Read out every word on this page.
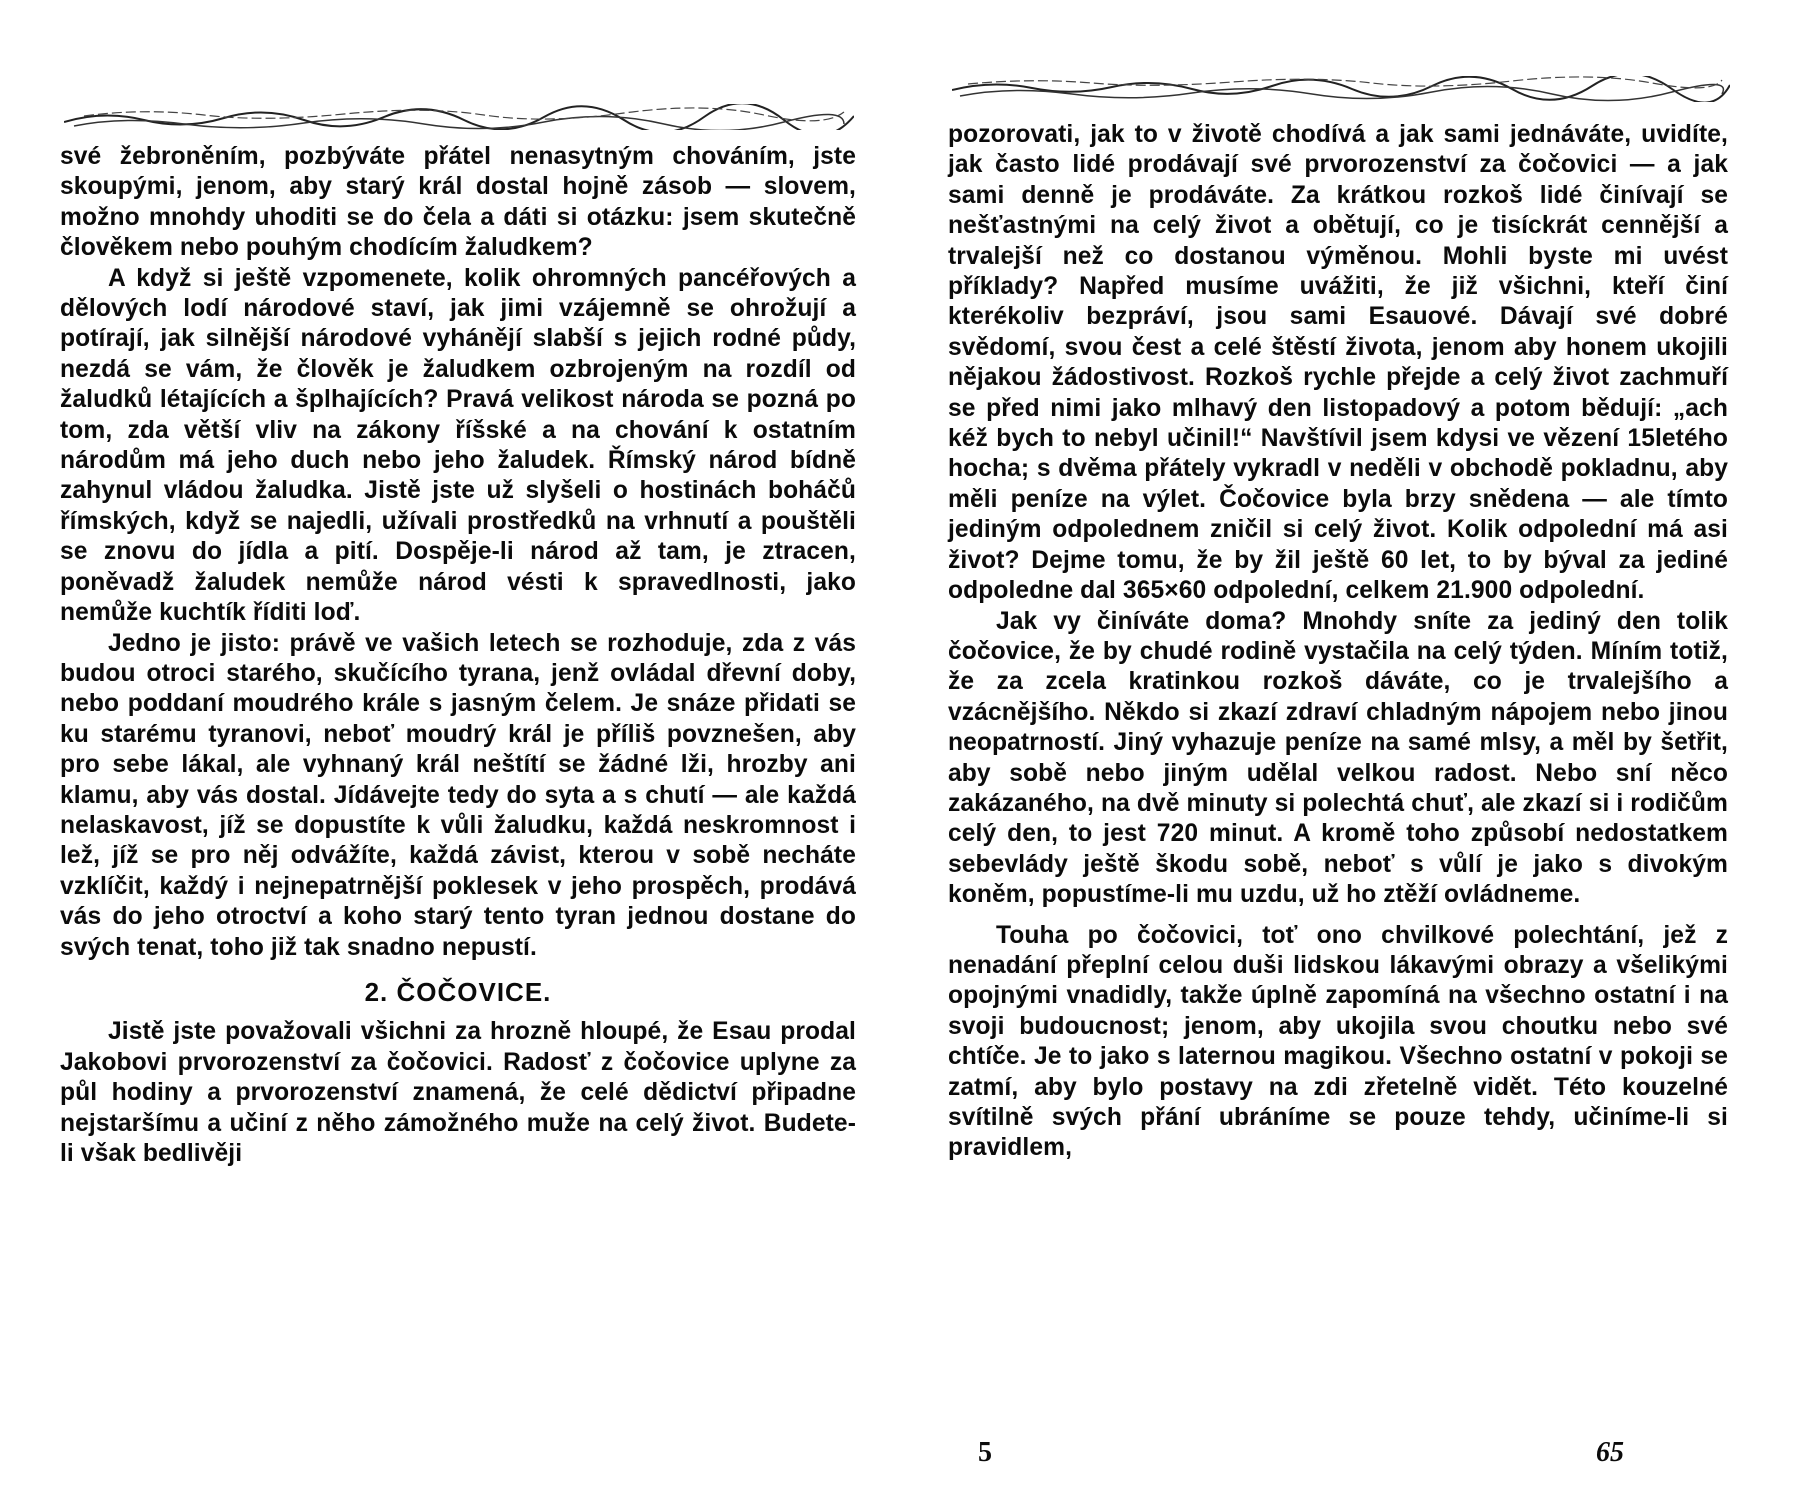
své žebroněním, pozbýváte přátel nenasytným chováním, jste skoupými, jenom, aby starý král dostal hojně zásob — slovem, možno mnohdy uhoditi se do čela a dáti si otázku: jsem skutečně člověkem nebo pouhým chodícím žaludkem?

A když si ještě vzpomenete, kolik ohromných pancéřových a dělových lodí národové staví, jak jimi vzájemně se ohrožují a potírají, jak silnější národové vyhánějí slabší s jejich rodné půdy, nezdá se vám, že člověk je žaludkem ozbrojeným na rozdíl od žaludků létajících a šplhajících? Pravá velikost národa se pozná po tom, zda větší vliv na zákony říšské a na chování k ostatním národům má jeho duch nebo jeho žaludek. Římský národ bídně zahynul vládou žaludka. Jistě jste už slyšeli o hostinách boháčů římských, když se najedli, užívali prostředků na vrhnutí a pouštěli se znovu do jídla a pití. Dospěje-li národ až tam, je ztracen, poněvadž žaludek nemůže národ vésti k spravedlnosti, jako nemůže kuchtík říditi loď.

Jedno je jisto: právě ve vašich letech se rozhoduje, zda z vás budou otroci starého, skučícího tyrana, jenž ovládal dřevní doby, nebo poddaní moudrého krále s jasným čelem. Je snáze přidati se ku starému tyranovi, neboť moudrý král je příliš povznešen, aby pro sebe lákal, ale vyhnaný král neštítí se žádné lži, hrozby ani klamu, aby vás dostal. Jídávejte tedy do syta a s chutí — ale každá nelaskavost, jíž se dopustíte k vůli žaludku, každá neskromnost i lež, jíž se pro něj odvážíte, každá závist, kterou v sobě necháte vzklíčit, každý i nejnepatrnější poklesek v jeho prospěch, prodává vás do jeho otroctví a koho starý tento tyran jednou dostane do svých tenat, toho již tak snadno nepustí.

2. ČOČOVICE.

Jistě jste považovali všichni za hrozně hloupé, že Esau prodal Jakobovi prvorozenství za čočovici. Radosť z čočovice uplyne za půl hodiny a prvorozenství znamená, že celé dědictví připadne nejstaršímu a učiní z něho zámožného muže na celý život. Budete-li však bedlivěji

pozorovati, jak to v životě chodívá a jak sami jednáváte, uvidíte, jak často lidé prodávají své prvorozenství za čočovici — a jak sami denně je prodáváte. Za krátkou rozkoš lidé činívají se nešťastnými na celý život a obětují, co je tisíckrát cennější a trvalejší než co dostanou výměnou. Mohli byste mi uvést příklady? Napřed musíme uvážiti, že již všichni, kteří činí kterékoliv bezpráví, jsou sami Esauové. Dávají své dobré svědomí, svou čest a celé štěstí života, jenom aby honem ukojili nějakou žádostivost. Rozkoš rychle přejde a celý život zachmuří se před nimi jako mlhavý den listopadový a potom bědují: „ach kéž bych to nebyl učinil!“ Navštívil jsem kdysi ve vězení 15letého hocha; s dvěma přátely vykradl v neděli v obchodě pokladnu, aby měli peníze na výlet. Čočovice byla brzy snědena — ale tímto jediným odpolednem zničil si celý život. Kolik odpolední má asi život? Dejme tomu, že by žil ještě 60 let, to by býval za jediné odpoledne dal 365×60 odpolední, celkem 21.900 odpolední.

Jak vy činíváte doma? Mnohdy sníte za jediný den tolik čočovice, že by chudé rodině vystačila na celý týden. Míním totiž, že za zcela kratinkou rozkoš dáváte, co je trvalejšího a vzácnějšího. Někdo si zkazí zdraví chladným nápojem nebo jinou neopatrností. Jiný vyhazuje peníze na samé mlsy, a měl by šetřit, aby sobě nebo jiným udělal velkou radost. Nebo sní něco zakázaného, na dvě minuty si polechtá chuť, ale zkazí si i rodičům celý den, to jest 720 minut. A kromě toho způsobí nedostatkem sebevlády ještě škodu sobě, neboť s vůlí je jako s divokým koněm, popustíme-li mu uzdu, už ho ztěží ovládneme.

Touha po čočovici, toť ono chvilkové polechtání, jež z nenadání přeplní celou duši lidskou lákavými obrazy a všelikými opojnými vnadidly, takže úplně zapomíná na všechno ostatní i na svoji budoucnost; jenom, aby ukojila svou choutku nebo své chtíče. Je to jako s laternou magikou. Všechno ostatní v pokoji se zatmí, aby bylo postavy na zdi zřetelně vidět. Této kouzelné svítilně svých přání ubráníme se pouze tehdy, učiníme-li si pravidlem,

5	65
